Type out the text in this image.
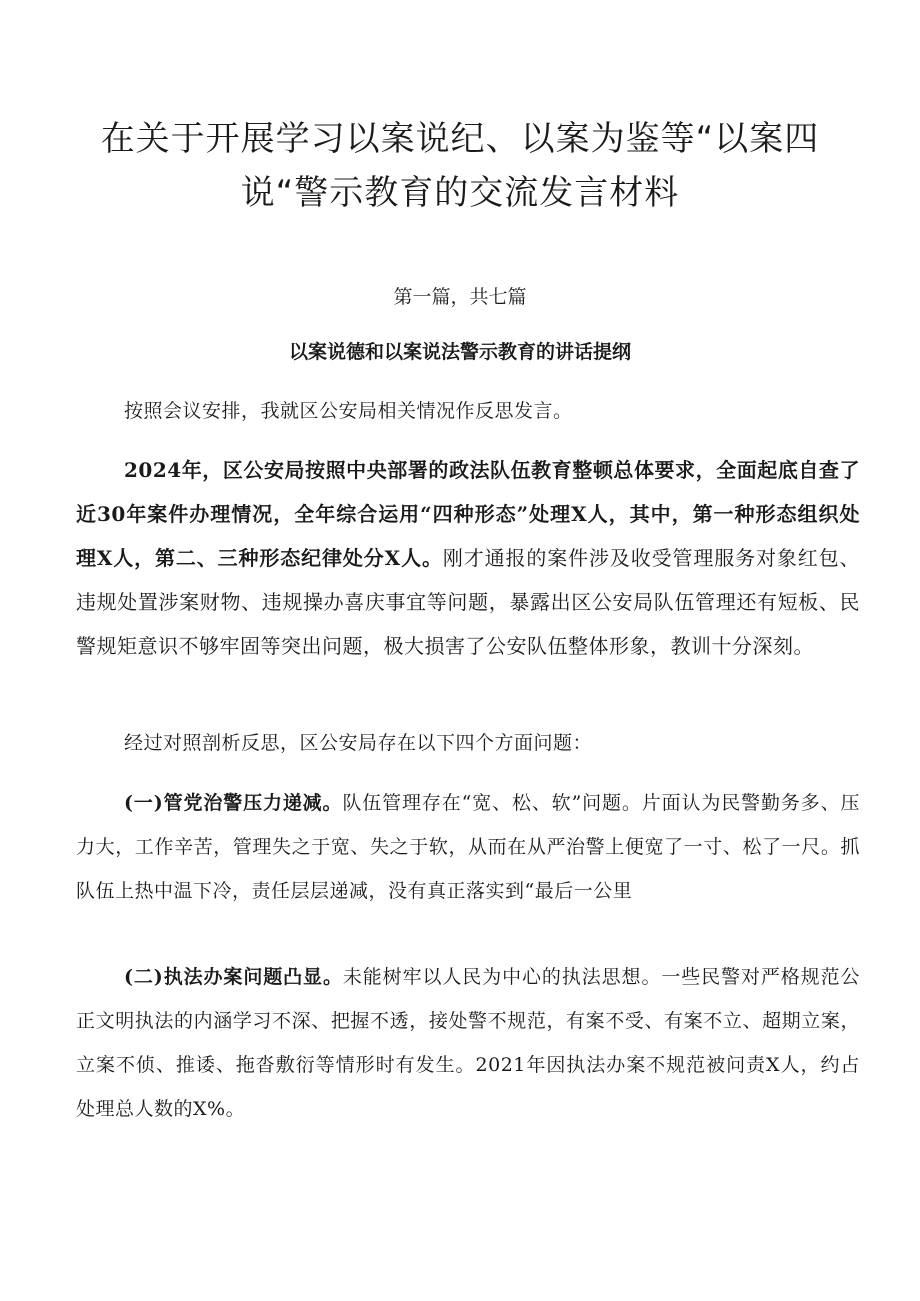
在关于开展学习以案说纪、以案为鉴等“以案四
说“警示教育的交流发言材料
第一篇，共七篇
以案说德和以案说法警示教育的讲话提纲

按照会议安排，我就区公安局相关情况作反思发言。

2024年，区公安局按照中央部署的政法队伍教育整顿总体要求，全面起底自查了近30年案件办理情况，全年综合运用“四种形态”处理X人，其中，第一种形态组织处理X人，第二、三种形态纪律处分X人。刚才通报的案件涉及收受管理服务对象红包、违规处置涉案财物、违规操办喜庆事宜等问题，暴露出区公安局队伍管理还有短板、民警规矩意识不够牢固等突出问题，极大损害了公安队伍整体形象，教训十分深刻。

经过对照剖析反思，区公安局存在以下四个方面问题：

(一)管党治警压力递减。队伍管理存在“宽、松、软”问题。片面认为民警勤务多、压力大，工作辛苦，管理失之于宽、失之于软，从而在从严治警上便宽了一寸、松了一尺。抓队伍上热中温下冷，责任层层递减，没有真正落实到“最后一公里

(二)执法办案问题凸显。未能树牢以人民为中心的执法思想。一些民警对严格规范公正文明执法的内涵学习不深、把握不透，接处警不规范，有案不受、有案不立、超期立案，立案不侦、推诿、拖沓敷衍等情形时有发生。2021年因执法办案不规范被问责X人，约占处理总人数的X%。
